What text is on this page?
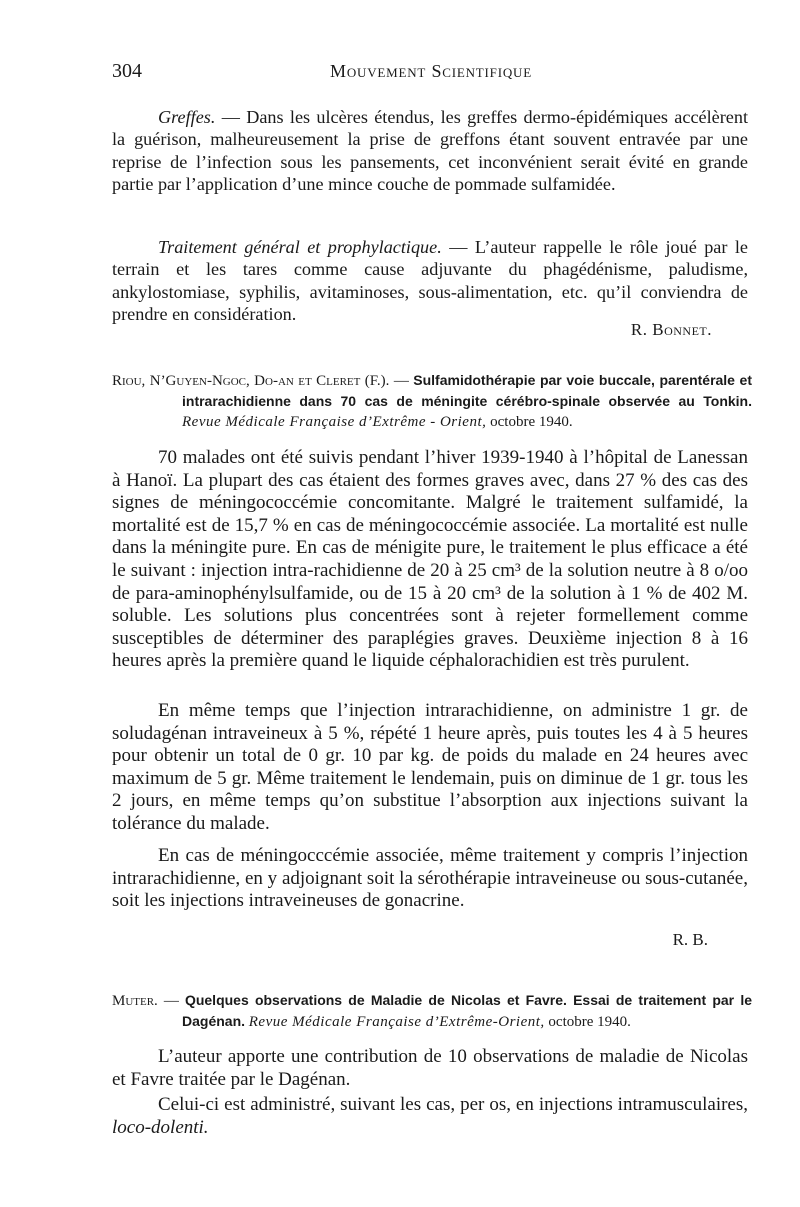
304	Mouvement Scientifique

Greffes. — Dans les ulcères étendus, les greffes dermo-épidémiques accélèrent la guérison, malheureusement la prise de greffons étant souvent entravée par une reprise de l’infection sous les pansements, cet inconvénient serait évité en grande partie par l’application d’une mince couche de pommade sulfamidée.

Traitement général et prophylactique. — L’auteur rappelle le rôle joué par le terrain et les tares comme cause adjuvante du phagédénisme, paludisme, ankylostomiase, syphilis, avitaminoses, sous-alimentation, etc. qu’il conviendra de prendre en considération.

R. Bonnet.

Riou, N’Guyen-Ngoc, Do-an et Cleret (F.). — Sulfamidothérapie par voie buccale, parentérale et intrarachidienne dans 70 cas de méningite cérébro-spinale observée au Tonkin. Revue Médicale Française d’Extrême - Orient, octobre 1940.

70 malades ont été suivis pendant l’hiver 1939-1940 à l’hôpital de Lanessan à Hanoï. La plupart des cas étaient des formes graves avec, dans 27 % des cas des signes de méningococcémie concomitante. Malgré le traitement sulfamidé, la mortalité est de 15,7 % en cas de méningococcémie associée. La mortalité est nulle dans la méningite pure. En cas de ménigite pure, le traitement le plus efficace a été le suivant : injection intra-rachidienne de 20 à 25 cm³ de la solution neutre à 8 o/oo de para-aminophénylsulfamide, ou de 15 à 20 cm³ de la solution à 1 % de 402 M. soluble. Les solutions plus concentrées sont à rejeter formellement comme susceptibles de déterminer des paraplégies graves. Deuxième injection 8 à 16 heures après la première quand le liquide céphalorachidien est très purulent.

En même temps que l’injection intrarachidienne, on administre 1 gr. de soludagénan intraveineux à 5 %, répété 1 heure après, puis toutes les 4 à 5 heures pour obtenir un total de 0 gr. 10 par kg. de poids du malade en 24 heures avec maximum de 5 gr. Même traitement le lendemain, puis on diminue de 1 gr. tous les 2 jours, en même temps qu’on substitue l’absorption aux injections suivant la tolérance du malade.

En cas de méningocccémie associée, même traitement y compris l’injection intrarachidienne, en y adjoignant soit la sérothérapie intraveineuse ou sous-cutanée, soit les injections intraveineuses de gonacrine.

R. B.

Muter. — Quelques observations de Maladie de Nicolas et Favre. Essai de traitement par le Dagénan. Revue Médicale Française d’Extrême-Orient, octobre 1940.

L’auteur apporte une contribution de 10 observations de maladie de Nicolas et Favre traitée par le Dagénan.

Celui-ci est administré, suivant les cas, per os, en injections intramusculaires, loco-dolenti.
